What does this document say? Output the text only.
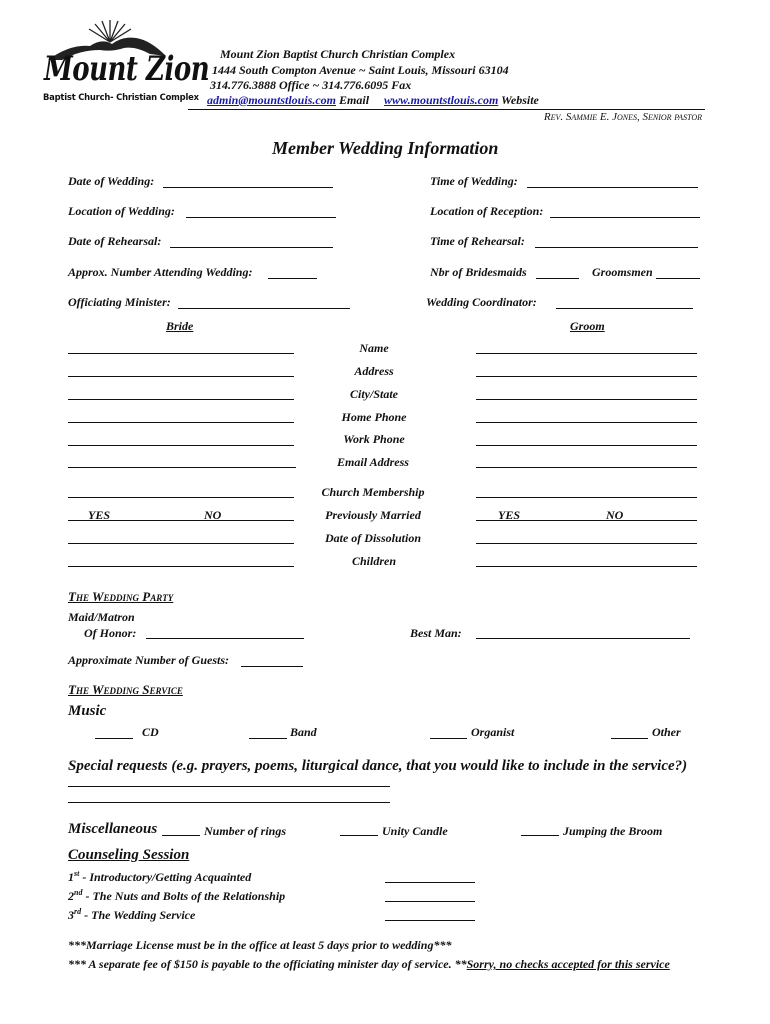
Mount Zion
Baptist Church- Christian Complex
Mount Zion Baptist Church Christian Complex
1444 South Compton Avenue ~ Saint Louis, Missouri 63104
314.776.3888 Office ~ 314.776.6095 Fax
admin@mountstlouis.com Email www.mountstlouis.com Website
Rev. Sammie E. Jones, Senior pastor
Member Wedding Information
Date of Wedding:	Time of Wedding:
Location of Wedding:	Location of Reception:
Date of Rehearsal:	Time of Rehearsal:
Approx. Number Attending Wedding:	Nbr of Bridesmaids	Groomsmen
Officiating Minister:	Wedding Coordinator:
Bride	Groom
Name
Address
City/State
Home Phone
Work Phone
Email Address
Church Membership
Previously Married
YES	NO	YES	NO
Date of Dissolution
Children
The Wedding Party
Maid/Matron
Of Honor:	Best Man:
Approximate Number of Guests:
The Wedding Service
Music
CD	Band	Organist	Other
Special requests (e.g. prayers, poems, liturgical dance, that you would like to include in the service?)
Miscellaneous	Number of rings	Unity Candle	Jumping the Broom
Counseling Session
1st - Introductory/Getting Acquainted
2nd - The Nuts and Bolts of the Relationship
3rd - The Wedding Service
***Marriage License must be in the office at least 5 days prior to wedding***
*** A separate fee of $150 is payable to the officiating minister day of service. **Sorry, no checks accepted for this service
